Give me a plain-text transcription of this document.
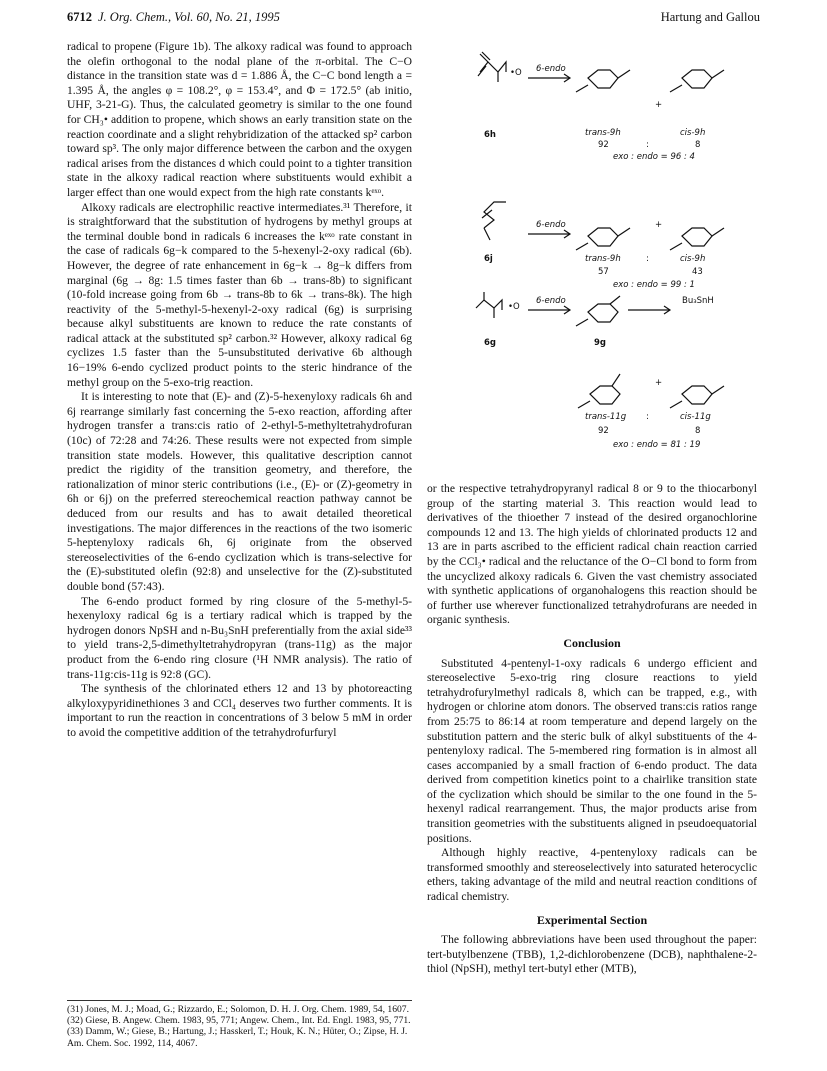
6712 J. Org. Chem., Vol. 60, No. 21, 1995	Hartung and Gallou

radical to propene (Figure 1b). The alkoxy radical was found to approach the olefin orthogonal to the nodal plane of the π-orbital. The C−O distance in the transition state was d = 1.886 Å, the C−C bond length a = 1.395 Å, the angles φ = 108.2°, φ = 153.4°, and Φ = 172.5° (ab initio, UHF, 3-21-G). Thus, the calculated geometry is similar to the one found for CH₃• addition to propene, which shows an early transition state on the reaction coordinate and a slight rehybridization of the attacked sp² carbon toward sp³. The only major difference between the carbon and the oxygen radical arises from the distances d which could point to a tighter transition state in the alkoxy radical reaction where substituents would exhibit a larger effect than one would expect from the high rate constants kᵉˣᵒ.

Alkoxy radicals are electrophilic reactive intermediates.³¹ Therefore, it is straightforward that the substitution of hydrogens by methyl groups at the terminal double bond in radicals 6 increases the kᵉˣᵒ rate constant in the case of radicals 6g−k compared to the 5-hexenyl-2-oxy radical (6b). However, the degree of rate enhancement in 6g−k → 8g−k differs from marginal (6g → 8g: 1.5 times faster than 6b → trans-8b) to significant (10-fold increase going from 6b → trans-8b to 6k → trans-8k). The high reactivity of the 5-methyl-5-hexenyl-2-oxy radical (6g) is surprising because alkyl substituents are known to reduce the rate constants of radical attack at the substituted sp² carbon.³² However, alkoxy radical 6g cyclizes 1.5 faster than the 5-unsubstituted derivative 6b although 16−19% 6-endo cyclized product points to the steric hindrance of the methyl group on the 5-exo-trig reaction.

It is interesting to note that (E)- and (Z)-5-hexenyloxy radicals 6h and 6j rearrange similarly fast concerning the 5-exo reaction, affording after hydrogen transfer a trans:cis ratio of 2-ethyl-5-methyltetrahydrofuran (10c) of 72:28 and 74:26. These results were not expected from simple transition state models. However, this qualitative description cannot predict the rigidity of the transition geometry, and therefore, the rationalization of minor steric contributions (i.e., (E)- or (Z)-geometry in 6h or 6j) on the preferred stereochemical reaction pathway cannot be deduced from our results and has to await detailed theoretical investigations. The major differences in the reactions of the two isomeric 5-heptenyloxy radicals 6h, 6j originate from the observed stereoselectivities of the 6-endo cyclization which is trans-selective for the (E)-substituted olefin (92:8) and unselective for the (Z)-substituted double bond (57:43).

The 6-endo product formed by ring closure of the 5-methyl-5-hexenyloxy radical 6g is a tertiary radical which is trapped by the hydrogen donors NpSH and n-Bu₃SnH preferentially from the axial side³³ to yield trans-2,5-dimethyltetrahydropyran (trans-11g) as the major product from the 6-endo ring closure (¹H NMR analysis). The ratio of trans-11g:cis-11g is 92:8 (GC).

The synthesis of the chlorinated ethers 12 and 13 by photoreacting alkyloxypyridinethiones 3 and CCl₄ deserves two further comments. It is important to run the reaction in concentrations of 3 below 5 mM in order to avoid the competitive addition of the tetrahydrofurfuryl

(31) Jones, M. J.; Moad, G.; Rizzardo, E.; Solomon, D. H. J. Org. Chem. 1989, 54, 1607.
(32) Giese, B. Angew. Chem. 1983, 95, 771; Angew. Chem., Int. Ed. Engl. 1983, 95, 771.
(33) Damm, W.; Giese, B.; Hartung, J.; Hasskerl, T.; Houk, K. N.; Hüter, O.; Zipse, H. J. Am. Chem. Soc. 1992, 114, 4067.
•O 6-endo
6h	trans-9h
+
cis-9h
92	:	8
exo : endo = 96 : 4
6-endo
6j	trans-9h	:
+
cis-9h
57	43
exo : endo = 99 : 1
•O
6-endo
6g	9g
Bu₃SnH
+
trans-11g :	cis-11g
92	8
exo : endo = 81 : 19

or the respective tetrahydropyranyl radical 8 or 9 to the thiocarbonyl group of the starting material 3. This reaction would lead to derivatives of the thioether 7 instead of the desired organochlorine compounds 12 and 13. The high yields of chlorinated products 12 and 13 are in parts ascribed to the efficient radical chain reaction carried by the CCl₃• radical and the reluctance of the O−Cl bond to form from the uncyclized alkoxy radicals 6. Given the vast chemistry associated with synthetic applications of organohalogens this reaction should be of further use wherever functionalized tetrahydrofurans are needed in organic synthesis.

Conclusion

Substituted 4-pentenyl-1-oxy radicals 6 undergo efficient and stereoselective 5-exo-trig ring closure reactions to yield tetrahydrofurylmethyl radicals 8, which can be trapped, e.g., with hydrogen or chlorine atom donors. The observed trans:cis ratios range from 25:75 to 86:14 at room temperature and depend largely on the substitution pattern and the steric bulk of alkyl substituents of the 4-pentenyloxy radical. The 5-membered ring formation is in almost all cases accompanied by a small fraction of 6-endo product. The data derived from competition kinetics point to a chairlike transition state of the cyclization which should be similar to the one found in the 5-hexenyl radical rearrangement. Thus, the major products arise from transition geometries with the substituents aligned in pseudoequatorial positions.

Although highly reactive, 4-pentenyloxy radicals can be transformed smoothly and stereoselectively into saturated heterocyclic ethers, taking advantage of the mild and neutral reaction conditions of radical chemistry.

Experimental Section

The following abbreviations have been used throughout the paper: tert-butylbenzene (TBB), 1,2-dichlorobenzene (DCB), naphthalene-2-thiol (NpSH), methyl tert-butyl ether (MTB),
